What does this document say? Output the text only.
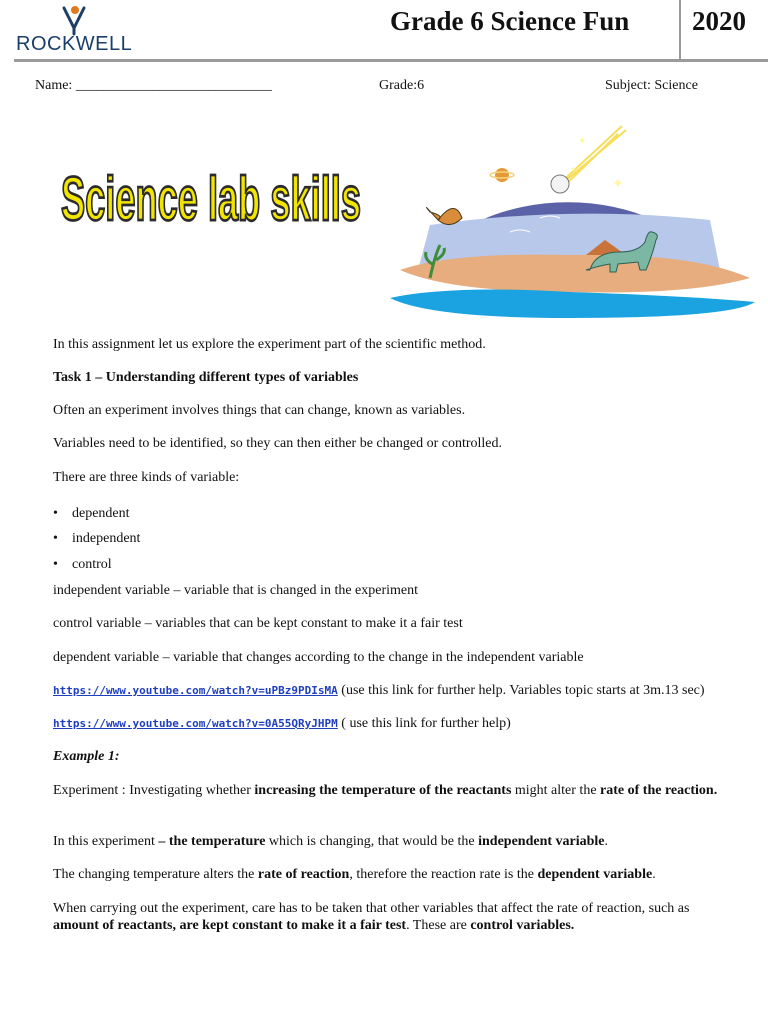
ROCKWELL
Grade 6 Science Fun 2020
Name: ____________________________	Grade:6	Subject: Science
Science lab skills	✦
✦
✦
In this assignment let us explore the experiment part of the scientific method.
Task 1 – Understanding different types of variables
Often an experiment involves things that can change, known as variables.
Variables need to be identified, so they can then either be changed or controlled.
There are three kinds of variable:
• dependent
• independent
• control
independent variable – variable that is changed in the experiment
control variable – variables that can be kept constant to make it a fair test
dependent variable – variable that changes according to the change in the independent variable
https://www.youtube.com/watch?v=uPBz9PDIsMA (use this link for further help. Variables topic starts at 3m.13 sec)
https://www.youtube.com/watch?v=0A55QRyJHPM ( use this link for further help)
Example 1:
Experiment : Investigating whether increasing the temperature of the reactants might alter the rate of the reaction.
In this experiment – the temperature which is changing, that would be the independent variable.
The changing temperature alters the rate of reaction, therefore the reaction rate is the dependent variable.
When carrying out the experiment, care has to be taken that other variables that affect the rate of reaction, such as amount of reactants, are kept constant to make it a fair test. These are control variables.
